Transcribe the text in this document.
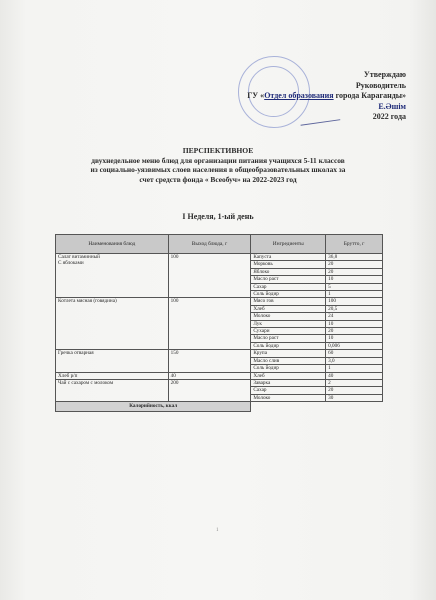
Утверждаю
Руководитель
ГУ «Отдел образования города Караганды»
Е.Әшім
2022 года
ПЕРСПЕКТИВНОЕ
двухнедельное меню блюд для организации питания учащихся 5-11 классов
из социально-уязвимых слоев населения в общеобразовательных школах за
счет средств фонда « Всеобуч» на 2022-2023 год
I Неделя, 1-ый день
Наименования блюд	Выход блюда, г	Ингредиенты	Брутто, г
Салат витаминный
С яблоками	100	Капуста	36,8
		Морковь	20
		Яблоко	20
		Масло раст	10
		Сахар	5
		Соль йодир	1
Котлета мясная (говядина)	100	Мясо гов	100
		Хлеб	20,5
		Молоко	24
		Лук	10
		Сухари	20
		Масло раст	10
		Соль йодир	0,006
Гречка отварная	150	Крупа	60
		Масло слив	3,0
		Соль йодир	1
Хлеб р/п	40	Хлеб	40
Чай с сахаром с молоком	200	Заварка	2
		Сахар	20
		Молоко	30
Калорийность, ккал			
1
